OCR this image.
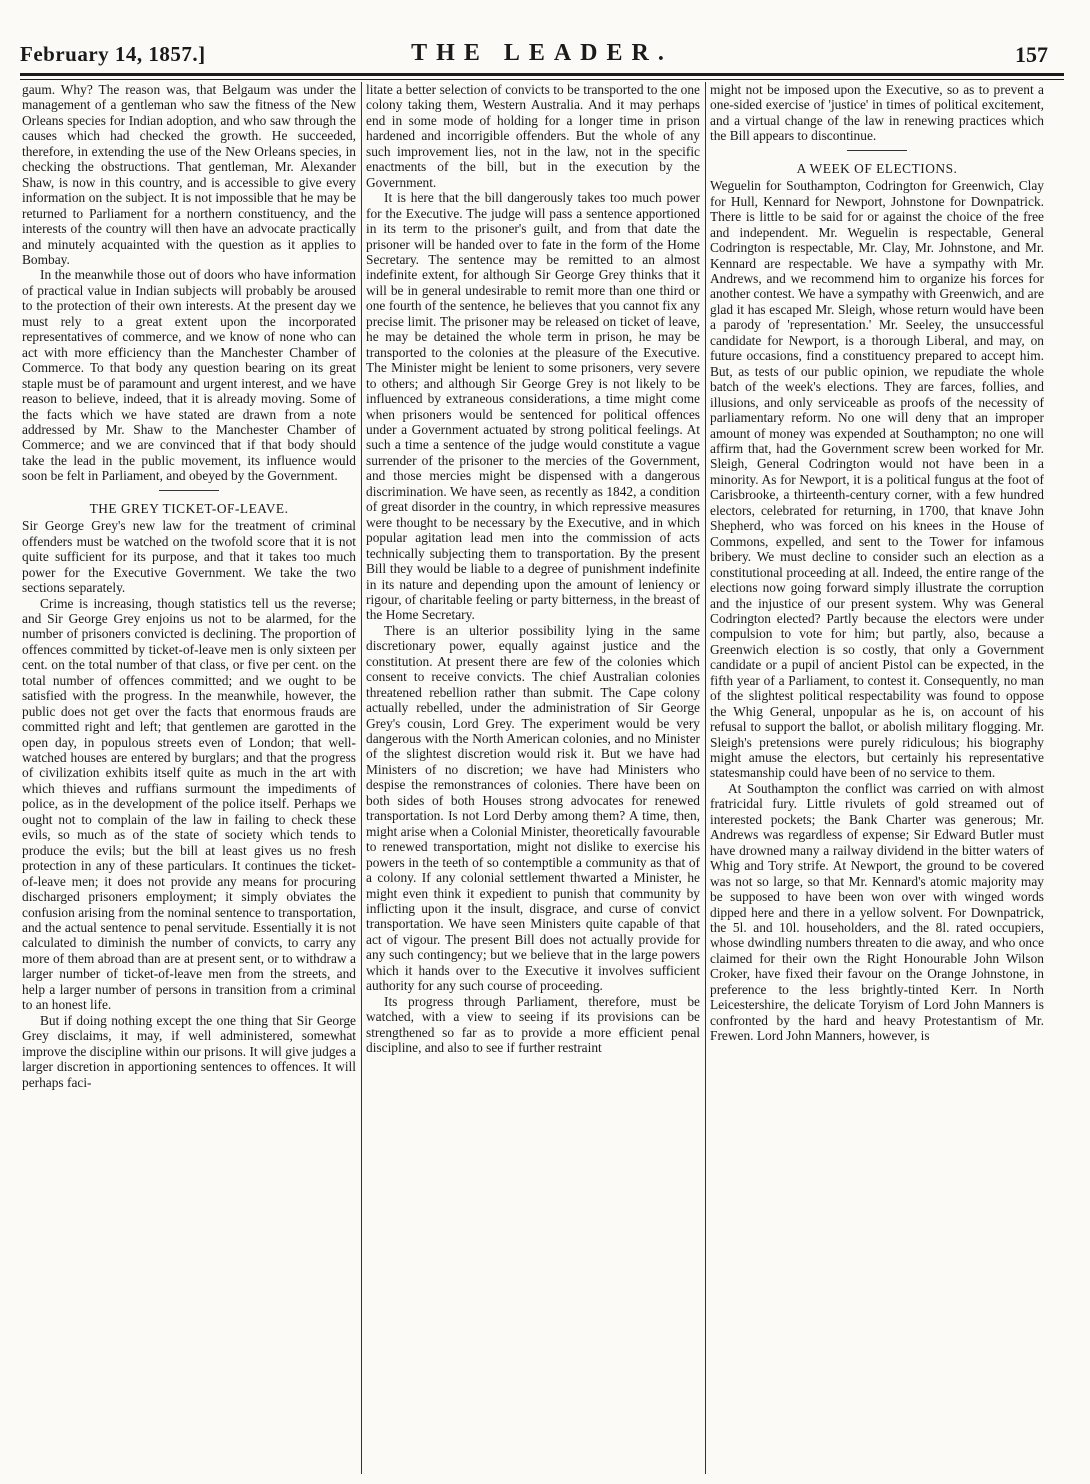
February 14, 1857.]	THE LEADER.	157

gaum. Why? The reason was, that Belgaum was under the management of a gentleman who saw the fitness of the New Orleans species for Indian adoption, and who saw through the causes which had checked the growth. He succeeded, therefore, in extending the use of the New Orleans species, in checking the obstructions. That gentleman, Mr. Alexander Shaw, is now in this country, and is accessible to give every information on the subject. It is not impossible that he may be returned to Parliament for a northern constituency, and the interests of the country will then have an advocate practically and minutely acquainted with the question as it applies to Bombay.

In the meanwhile those out of doors who have information of practical value in Indian subjects will probably be aroused to the protection of their own interests. At the present day we must rely to a great extent upon the incorporated representatives of commerce, and we know of none who can act with more efficiency than the Manchester Chamber of Commerce. To that body any question bearing on its great staple must be of paramount and urgent interest, and we have reason to believe, indeed, that it is already moving. Some of the facts which we have stated are drawn from a note addressed by Mr. Shaw to the Manchester Chamber of Commerce; and we are convinced that if that body should take the lead in the public movement, its influence would soon be felt in Parliament, and obeyed by the Government.

THE GREY TICKET-OF-LEAVE.

Sir George Grey's new law for the treatment of criminal offenders must be watched on the twofold score that it is not quite sufficient for its purpose, and that it takes too much power for the Executive Government. We take the two sections separately.

Crime is increasing, though statistics tell us the reverse; and Sir George Grey enjoins us not to be alarmed, for the number of prisoners convicted is declining. The proportion of offences committed by ticket-of-leave men is only sixteen per cent. on the total number of that class, or five per cent. on the total number of offences committed; and we ought to be satisfied with the progress. In the meanwhile, however, the public does not get over the facts that enormous frauds are committed right and left; that gentlemen are garotted in the open day, in populous streets even of London; that well-watched houses are entered by burglars; and that the progress of civilization exhibits itself quite as much in the art with which thieves and ruffians surmount the impediments of police, as in the development of the police itself. Perhaps we ought not to complain of the law in failing to check these evils, so much as of the state of society which tends to produce the evils; but the bill at least gives us no fresh protection in any of these particulars. It continues the ticket-of-leave men; it does not provide any means for procuring discharged prisoners employment; it simply obviates the confusion arising from the nominal sentence to transportation, and the actual sentence to penal servitude. Essentially it is not calculated to diminish the number of convicts, to carry any more of them abroad than are at present sent, or to withdraw a larger number of ticket-of-leave men from the streets, and help a larger number of persons in transition from a criminal to an honest life.

But if doing nothing except the one thing that Sir George Grey disclaims, it may, if well administered, somewhat improve the discipline within our prisons. It will give judges a larger discretion in apportioning sentences to offences. It will perhaps faci-

litate a better selection of convicts to be transported to the one colony taking them, Western Australia. And it may perhaps end in some mode of holding for a longer time in prison hardened and incorrigible offenders. But the whole of any such improvement lies, not in the law, not in the specific enactments of the bill, but in the execution by the Government.

It is here that the bill dangerously takes too much power for the Executive. The judge will pass a sentence apportioned in its term to the prisoner's guilt, and from that date the prisoner will be handed over to fate in the form of the Home Secretary. The sentence may be remitted to an almost indefinite extent, for although Sir George Grey thinks that it will be in general undesirable to remit more than one third or one fourth of the sentence, he believes that you cannot fix any precise limit. The prisoner may be released on ticket of leave, he may be detained the whole term in prison, he may be transported to the colonies at the pleasure of the Executive. The Minister might be lenient to some prisoners, very severe to others; and although Sir George Grey is not likely to be influenced by extraneous considerations, a time might come when prisoners would be sentenced for political offences under a Government actuated by strong political feelings. At such a time a sentence of the judge would constitute a vague surrender of the prisoner to the mercies of the Government, and those mercies might be dispensed with a dangerous discrimination. We have seen, as recently as 1842, a condition of great disorder in the country, in which repressive measures were thought to be necessary by the Executive, and in which popular agitation lead men into the commission of acts technically subjecting them to transportation. By the present Bill they would be liable to a degree of punishment indefinite in its nature and depending upon the amount of leniency or rigour, of charitable feeling or party bitterness, in the breast of the Home Secretary.

There is an ulterior possibility lying in the same discretionary power, equally against justice and the constitution. At present there are few of the colonies which consent to receive convicts. The chief Australian colonies threatened rebellion rather than submit. The Cape colony actually rebelled, under the administration of Sir George Grey's cousin, Lord Grey. The experiment would be very dangerous with the North American colonies, and no Minister of the slightest discretion would risk it. But we have had Ministers of no discretion; we have had Ministers who despise the remonstrances of colonies. There have been on both sides of both Houses strong advocates for renewed transportation. Is not Lord Derby among them? A time, then, might arise when a Colonial Minister, theoretically favourable to renewed transportation, might not dislike to exercise his powers in the teeth of so contemptible a community as that of a colony. If any colonial settlement thwarted a Minister, he might even think it expedient to punish that community by inflicting upon it the insult, disgrace, and curse of convict transportation. We have seen Ministers quite capable of that act of vigour. The present Bill does not actually provide for any such contingency; but we believe that in the large powers which it hands over to the Executive it involves sufficient authority for any such course of proceeding.

Its progress through Parliament, therefore, must be watched, with a view to seeing if its provisions can be strengthened so far as to provide a more efficient penal discipline, and also to see if further restraint

might not be imposed upon the Executive, so as to prevent a one-sided exercise of 'justice' in times of political excitement, and a virtual change of the law in renewing practices which the Bill appears to discontinue.

A WEEK OF ELECTIONS.

Weguelin for Southampton, Codrington for Greenwich, Clay for Hull, Kennard for Newport, Johnstone for Downpatrick. There is little to be said for or against the choice of the free and independent. Mr. Weguelin is respectable, General Codrington is respectable, Mr. Clay, Mr. Johnstone, and Mr. Kennard are respectable. We have a sympathy with Mr. Andrews, and we recommend him to organize his forces for another contest. We have a sympathy with Greenwich, and are glad it has escaped Mr. Sleigh, whose return would have been a parody of 'representation.' Mr. Seeley, the unsuccessful candidate for Newport, is a thorough Liberal, and may, on future occasions, find a constituency prepared to accept him. But, as tests of our public opinion, we repudiate the whole batch of the week's elections. They are farces, follies, and illusions, and only serviceable as proofs of the necessity of parliamentary reform. No one will deny that an improper amount of money was expended at Southampton; no one will affirm that, had the Government screw been worked for Mr. Sleigh, General Codrington would not have been in a minority. As for Newport, it is a political fungus at the foot of Carisbrooke, a thirteenth-century corner, with a few hundred electors, celebrated for returning, in 1700, that knave John Shepherd, who was forced on his knees in the House of Commons, expelled, and sent to the Tower for infamous bribery. We must decline to consider such an election as a constitutional proceeding at all. Indeed, the entire range of the elections now going forward simply illustrate the corruption and the injustice of our present system. Why was General Codrington elected? Partly because the electors were under compulsion to vote for him; but partly, also, because a Greenwich election is so costly, that only a Government candidate or a pupil of ancient Pistol can be expected, in the fifth year of a Parliament, to contest it. Consequently, no man of the slightest political respectability was found to oppose the Whig General, unpopular as he is, on account of his refusal to support the ballot, or abolish military flogging. Mr. Sleigh's pretensions were purely ridiculous; his biography might amuse the electors, but certainly his representative statesmanship could have been of no service to them.

At Southampton the conflict was carried on with almost fratricidal fury. Little rivulets of gold streamed out of interested pockets; the Bank Charter was generous; Mr. Andrews was regardless of expense; Sir Edward Butler must have drowned many a railway dividend in the bitter waters of Whig and Tory strife. At Newport, the ground to be covered was not so large, so that Mr. Kennard's atomic majority may be supposed to have been won over with winged words dipped here and there in a yellow solvent. For Downpatrick, the 5l. and 10l. householders, and the 8l. rated occupiers, whose dwindling numbers threaten to die away, and who once claimed for their own the Right Honourable John Wilson Croker, have fixed their favour on the Orange Johnstone, in preference to the less brightly-tinted Kerr. In North Leicestershire, the delicate Toryism of Lord John Manners is confronted by the hard and heavy Protestantism of Mr. Frewen. Lord John Manners, however, is
